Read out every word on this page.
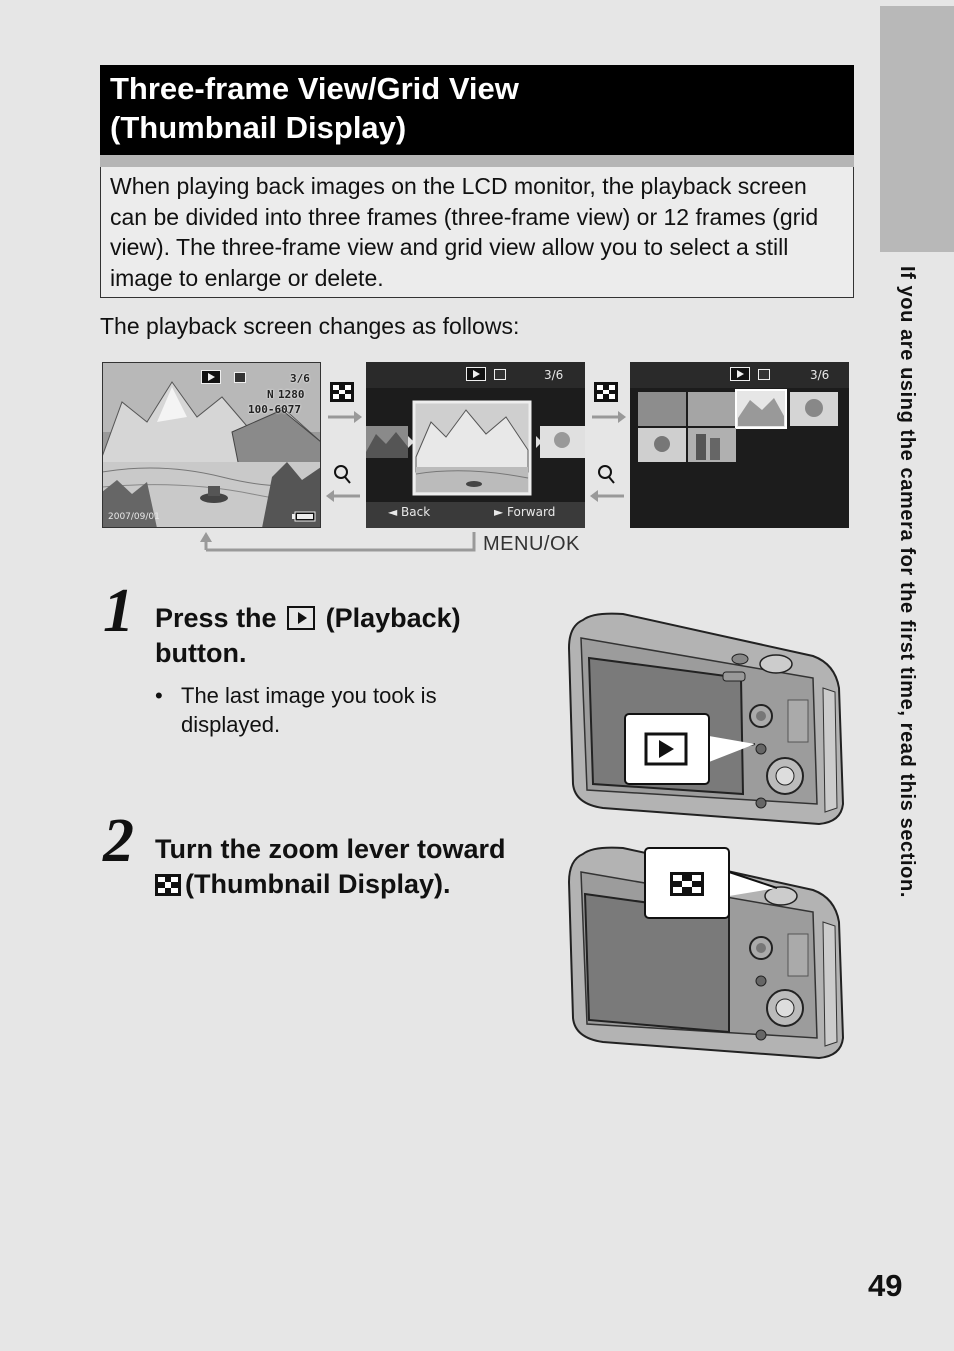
If you are using the camera for the first time, read this section.
Three-frame View/Grid View
(Thumbnail Display)
When playing back images on the LCD monitor, the playback screen can be divided into three frames (three-frame view) or 12 frames (grid view). The three-frame view and grid view allow you to select a still image to enlarge or delete.
The playback screen changes as follows:
3/6
N 1280
100-6077
2007/09/01
3/6
◄ Back	► Forward
3/6
MENU/OK
1 Press the (Playback)
button.
• The last image you took is displayed.
2 Turn the zoom lever toward
(Thumbnail Display).
49
